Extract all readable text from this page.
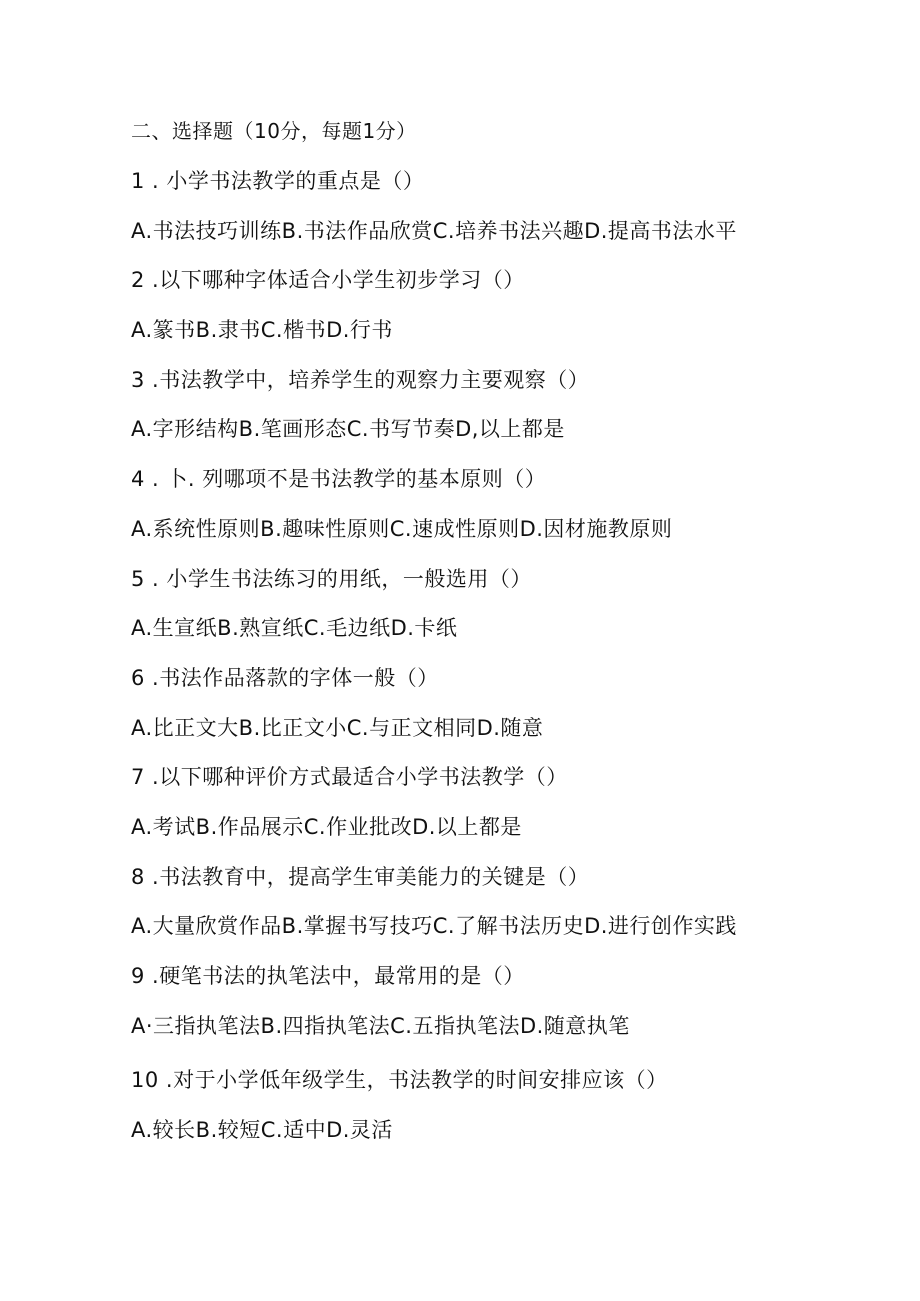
二、选择题（10分，每题1分）
1 . 小学书法教学的重点是（）
A.书法技巧训练B.书法作品欣赏C.培养书法兴趣D.提高书法水平
2 .以下哪种字体适合小学生初步学习（）
A.篆书B.隶书C.楷书D.行书
3 .书法教学中，培养学生的观察力主要观察（）
A.字形结构B.笔画形态C.书写节奏D,以上都是
4 . 卜. 列哪项不是书法教学的基本原则（）
A.系统性原则B.趣味性原则C.速成性原则D.因材施教原则
5 . 小学生书法练习的用纸，一般选用（）
A.生宣纸B.熟宣纸C.毛边纸D.卡纸
6 .书法作品落款的字体一般（）
A.比正文大B.比正文小C.与正文相同D.随意
7 .以下哪种评价方式最适合小学书法教学（）
A.考试B.作品展示C.作业批改D.以上都是
8 .书法教育中，提高学生审美能力的关键是（）
A.大量欣赏作品B.掌握书写技巧C.了解书法历史D.进行创作实践
9 .硬笔书法的执笔法中，最常用的是（）
A·三指执笔法B.四指执笔法C.五指执笔法D.随意执笔
10 .对于小学低年级学生，书法教学的时间安排应该（）
A.较长B.较短C.适中D.灵活
